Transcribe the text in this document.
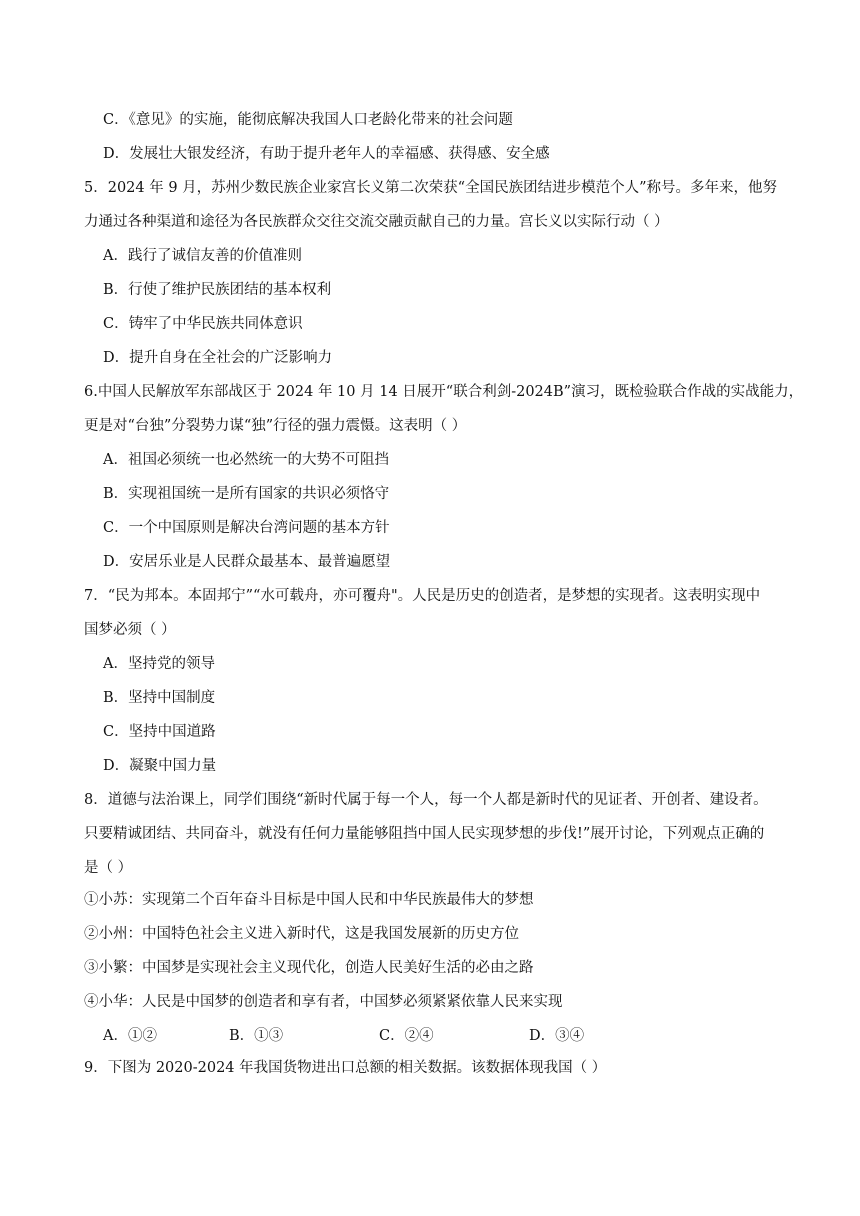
C．《意见》的实施，能彻底解决我国人口老龄化带来的社会问题
D．发展壮大银发经济，有助于提升老年人的幸福感、获得感、安全感
5．2024 年 9 月，苏州少数民族企业家宫长义第二次荣获“全国民族团结进步模范个人”称号。多年来，他努
力通过各种渠道和途径为各民族群众交往交流交融贡献自己的力量。宫长义以实际行动（ ）
A．践行了诚信友善的价值准则
B．行使了维护民族团结的基本权利
C．铸牢了中华民族共同体意识
D．提升自身在全社会的广泛影响力
6.中国人民解放军东部战区于 2024 年 10 月 14 日展开“联合利剑-2024B”演习，既检验联合作战的实战能力，
更是对“台独”分裂势力谋“独”行径的强力震慑。这表明（ ）
A．祖国必须统一也必然统一的大势不可阻挡
B．实现祖国统一是所有国家的共识必须恪守
C．一个中国原则是解决台湾问题的基本方针
D．安居乐业是人民群众最基本、最普遍愿望
7．“民为邦本。本固邦宁”“水可载舟，亦可覆舟"。人民是历史的创造者，是梦想的实现者。这表明实现中
国梦必须（ ）
A．坚持党的领导
B．坚持中国制度
C．坚持中国道路
D．凝聚中国力量
8．道德与法治课上，同学们围绕“新时代属于每一个人，每一个人都是新时代的见证者、开创者、建设者。
只要精诚团结、共同奋斗，就没有任何力量能够阻挡中国人民实现梦想的步伐!”展开讨论，下列观点正确的
是（ ）
①小苏：实现第二个百年奋斗目标是中国人民和中华民族最伟大的梦想
②小州：中国特色社会主义进入新时代，这是我国发展新的历史方位
③小繁：中国梦是实现社会主义现代化，创造人民美好生活的必由之路
④小华：人民是中国梦的创造者和享有者，中国梦必须紧紧依靠人民来实现
A．①②	B．①③	C．②④	D．③④
9．下图为 2020-2024 年我国货物进出口总额的相关数据。该数据体现我国（ ）
